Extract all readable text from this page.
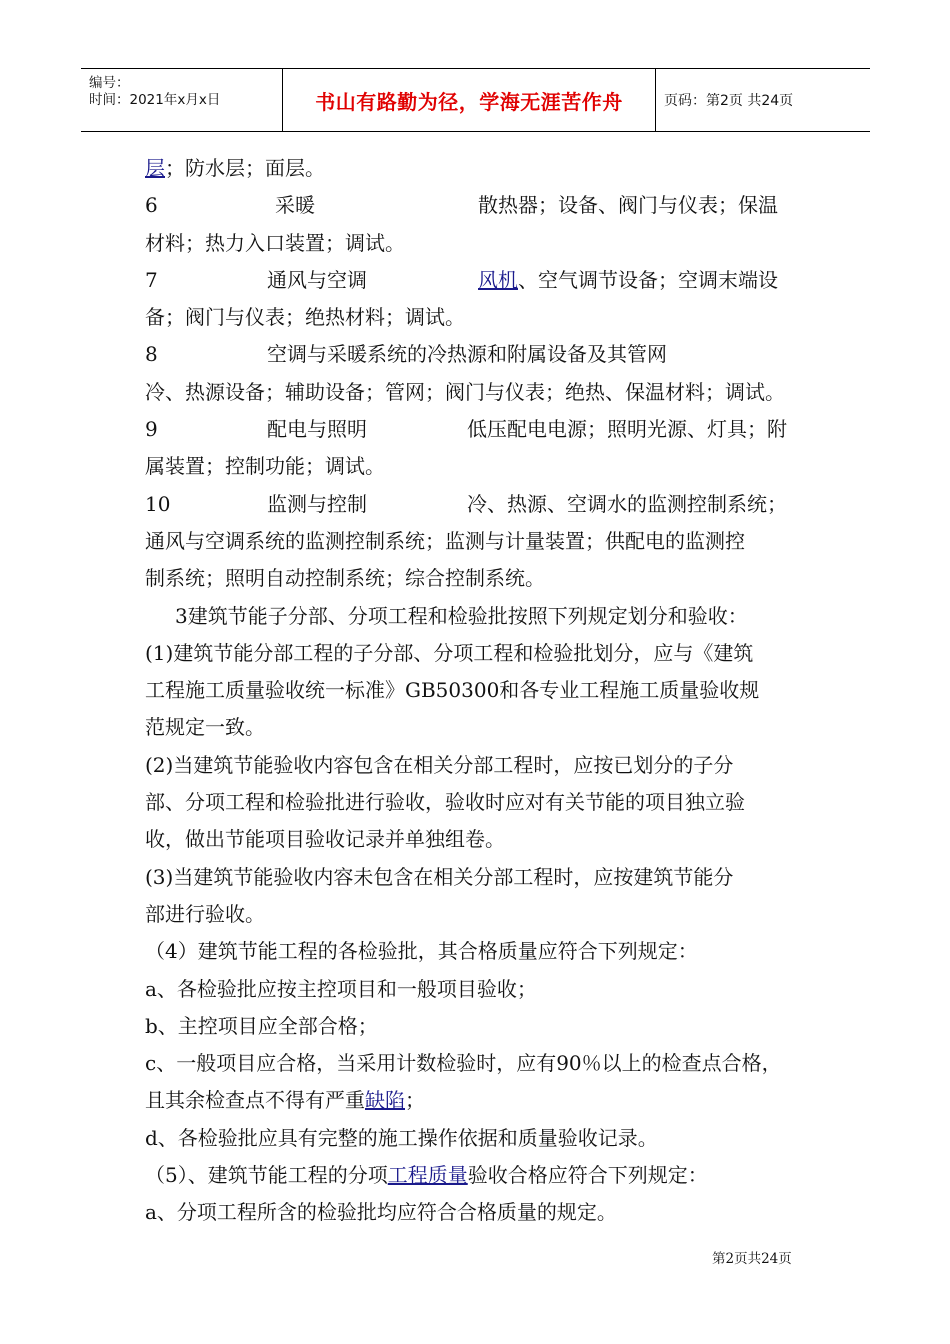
编号：
时间：2021年x月x日	书山有路勤为径，学海无涯苦作舟	页码：第2页 共24页
层；防水层；面层。
6	采暖	散热器；设备、阀门与仪表；保温
材料；热力入口装置；调试。
7	通风与空调	风机、空气调节设备；空调末端设
备；阀门与仪表；绝热材料；调试。
8	空调与采暖系统的冷热源和附属设备及其管网
冷、热源设备；辅助设备；管网；阀门与仪表；绝热、保温材料；调试。
9	配电与照明	低压配电电源；照明光源、灯具；附
属装置；控制功能；调试。
10	监测与控制	冷、热源、空调水的监测控制系统；
通风与空调系统的监测控制系统；监测与计量装置；供配电的监测控
制系统；照明自动控制系统；综合控制系统。
3建筑节能子分部、分项工程和检验批按照下列规定划分和验收：
(1)建筑节能分部工程的子分部、分项工程和检验批划分，应与《建筑
工程施工质量验收统一标准》GB50300和各专业工程施工质量验收规
范规定一致。
(2)当建筑节能验收内容包含在相关分部工程时，应按已划分的子分
部、分项工程和检验批进行验收，验收时应对有关节能的项目独立验
收，做出节能项目验收记录并单独组卷。
(3)当建筑节能验收内容未包含在相关分部工程时，应按建筑节能分
部进行验收。
（4）建筑节能工程的各检验批，其合格质量应符合下列规定：
a、各检验批应按主控项目和一般项目验收；
b、主控项目应全部合格；
c、一般项目应合格，当采用计数检验时，应有90％以上的检查点合格，
且其余检查点不得有严重缺陷；
d、各检验批应具有完整的施工操作依据和质量验收记录。
（5）、建筑节能工程的分项工程质量验收合格应符合下列规定：
a、分项工程所含的检验批均应符合合格质量的规定。
第2页共24页
